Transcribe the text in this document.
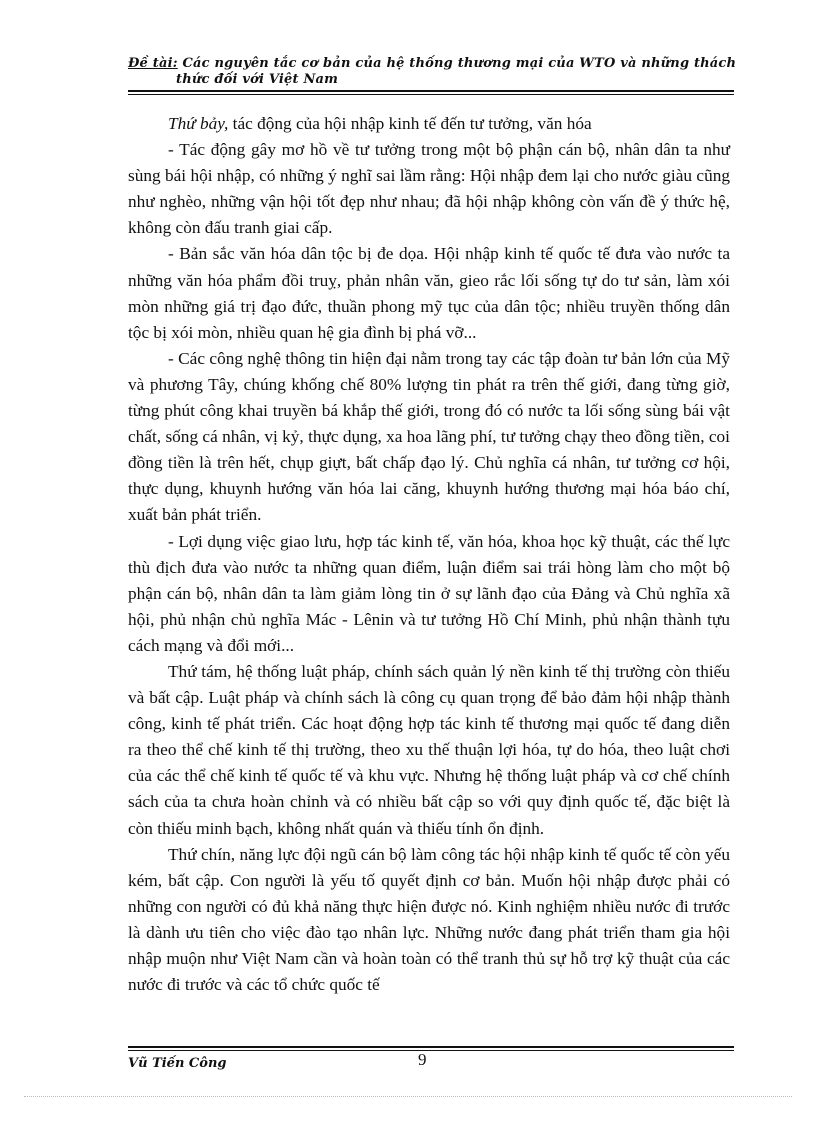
Đề tài: Các nguyên tắc cơ bản của hệ thống thương mại của WTO và những thách
thức đối với Việt Nam

Thứ bảy, tác động của hội nhập kinh tế đến tư tưởng, văn hóa

- Tác động gây mơ hồ về tư tưởng trong một bộ phận cán bộ, nhân dân ta như sùng bái hội nhập, có những ý nghĩ sai lầm rằng: Hội nhập đem lại cho nước giàu cũng như nghèo, những vận hội tốt đẹp như nhau; đã hội nhập không còn vấn đề ý thức hệ, không còn đấu tranh giai cấp.

- Bản sắc văn hóa dân tộc bị đe dọa. Hội nhập kinh tế quốc tế đưa vào nước ta những văn hóa phẩm đồi truỵ, phản nhân văn, gieo rắc lối sống tự do tư sản, làm xói mòn những giá trị đạo đức, thuần phong mỹ tục của dân tộc; nhiều truyền thống dân tộc bị xói mòn, nhiều quan hệ gia đình bị phá vỡ...

- Các công nghệ thông tin hiện đại nằm trong tay các tập đoàn tư bản lớn của Mỹ và phương Tây, chúng khống chế 80% lượng tin phát ra trên thế giới, đang từng giờ, từng phút công khai truyền bá khắp thế giới, trong đó có nước ta lối sống sùng bái vật chất, sống cá nhân, vị kỷ, thực dụng, xa hoa lãng phí, tư tưởng chạy theo đồng tiền, coi đồng tiền là trên hết, chụp giựt, bất chấp đạo lý. Chủ nghĩa cá nhân, tư tưởng cơ hội, thực dụng, khuynh hướng văn hóa lai căng, khuynh hướng thương mại hóa báo chí, xuất bản phát triển.

- Lợi dụng việc giao lưu, hợp tác kinh tế, văn hóa, khoa học kỹ thuật, các thế lực thù địch đưa vào nước ta những quan điểm, luận điểm sai trái hòng làm cho một bộ phận cán bộ, nhân dân ta làm giảm lòng tin ở sự lãnh đạo của Đảng và Chủ nghĩa xã hội, phủ nhận chủ nghĩa Mác - Lênin và tư tưởng Hồ Chí Minh, phủ nhận thành tựu cách mạng và đổi mới...

Thứ tám, hệ thống luật pháp, chính sách quản lý nền kinh tế thị trường còn thiếu và bất cập. Luật pháp và chính sách là công cụ quan trọng để bảo đảm hội nhập thành công, kinh tế phát triển. Các hoạt động hợp tác kinh tế thương mại quốc tế đang diễn ra theo thể chế kinh tế thị trường, theo xu thế thuận lợi hóa, tự do hóa, theo luật chơi của các thể chế kinh tế quốc tế và khu vực. Nhưng hệ thống luật pháp và cơ chế chính sách của ta chưa hoàn chỉnh và có nhiều bất cập so với quy định quốc tế, đặc biệt là còn thiếu minh bạch, không nhất quán và thiếu tính ổn định.

Thứ chín, năng lực đội ngũ cán bộ làm công tác hội nhập kinh tế quốc tế còn yếu kém, bất cập. Con người là yếu tố quyết định cơ bản. Muốn hội nhập được phải có những con người có đủ khả năng thực hiện được nó. Kinh nghiệm nhiều nước đi trước là dành ưu tiên cho việc đào tạo nhân lực. Những nước đang phát triển tham gia hội nhập muộn như Việt Nam cần và hoàn toàn có thể tranh thủ sự hỗ trợ kỹ thuật của các nước đi trước và các tổ chức quốc tế

Vũ Tiến Công	9
